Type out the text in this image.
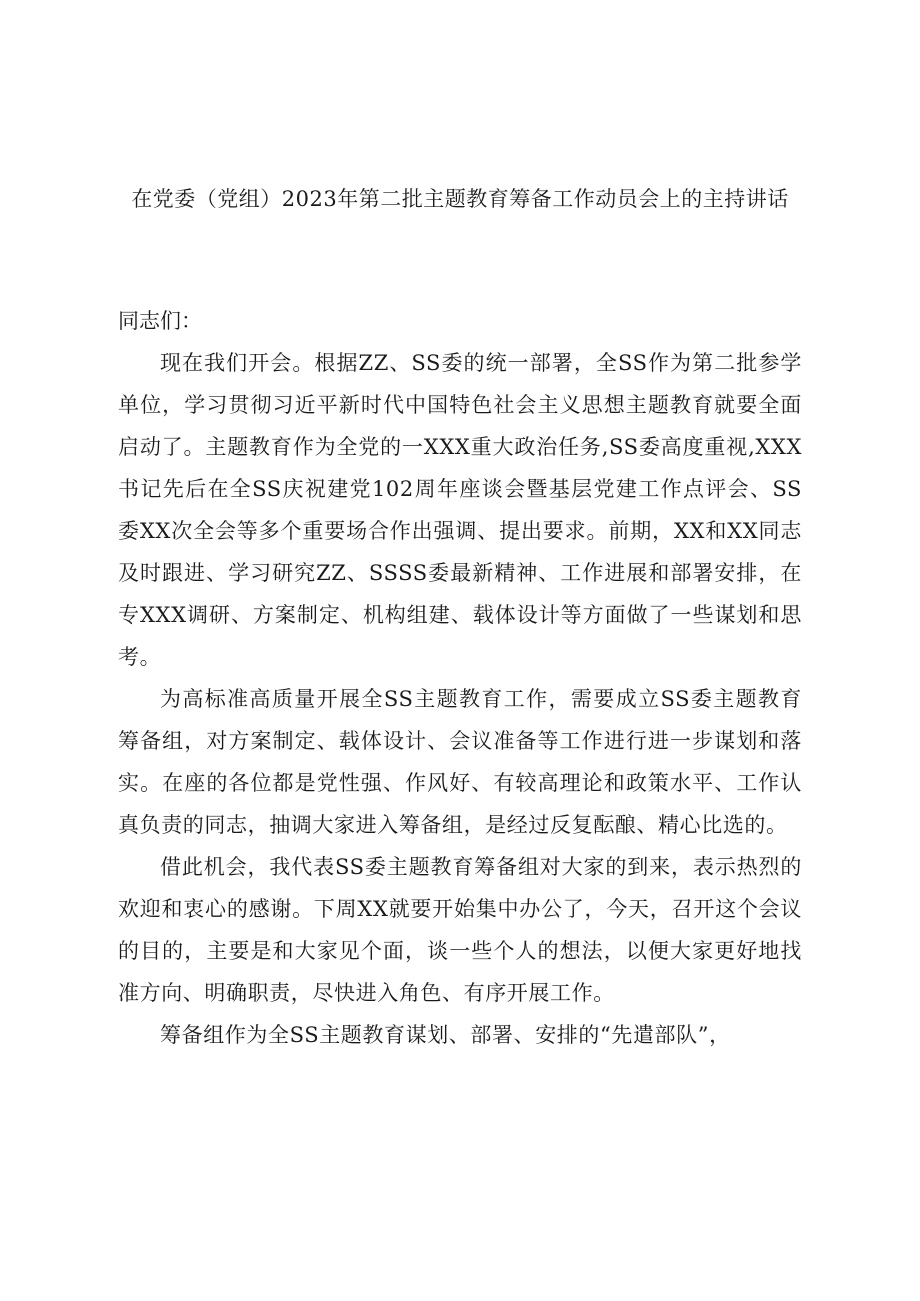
在党委（党组）2023年第二批主题教育筹备工作动员会上的主持讲话

同志们：

现在我们开会。根据ZZ、SS委的统一部署，全SS作为第二批参学单位，学习贯彻习近平新时代中国特色社会主义思想主题教育就要全面启动了。主题教育作为全党的一XXX重大政治任务,SS委高度重视,XXX书记先后在全SS庆祝建党102周年座谈会暨基层党建工作点评会、SS委XX次全会等多个重要场合作出强调、提出要求。前期，XX和XX同志及时跟进、学习研究ZZ、SSSS委最新精神、工作进展和部署安排，在专XXX调研、方案制定、机构组建、载体设计等方面做了一些谋划和思考。

为高标准高质量开展全SS主题教育工作，需要成立SS委主题教育筹备组，对方案制定、载体设计、会议准备等工作进行进一步谋划和落实。在座的各位都是党性强、作风好、有较高理论和政策水平、工作认真负责的同志，抽调大家进入筹备组，是经过反复酝酿、精心比选的。

借此机会，我代表SS委主题教育筹备组对大家的到来，表示热烈的欢迎和衷心的感谢。下周XX就要开始集中办公了，今天，召开这个会议的目的，主要是和大家见个面，谈一些个人的想法，以便大家更好地找准方向、明确职责，尽快进入角色、有序开展工作。

筹备组作为全SS主题教育谋划、部署、安排的“先遣部队”，
